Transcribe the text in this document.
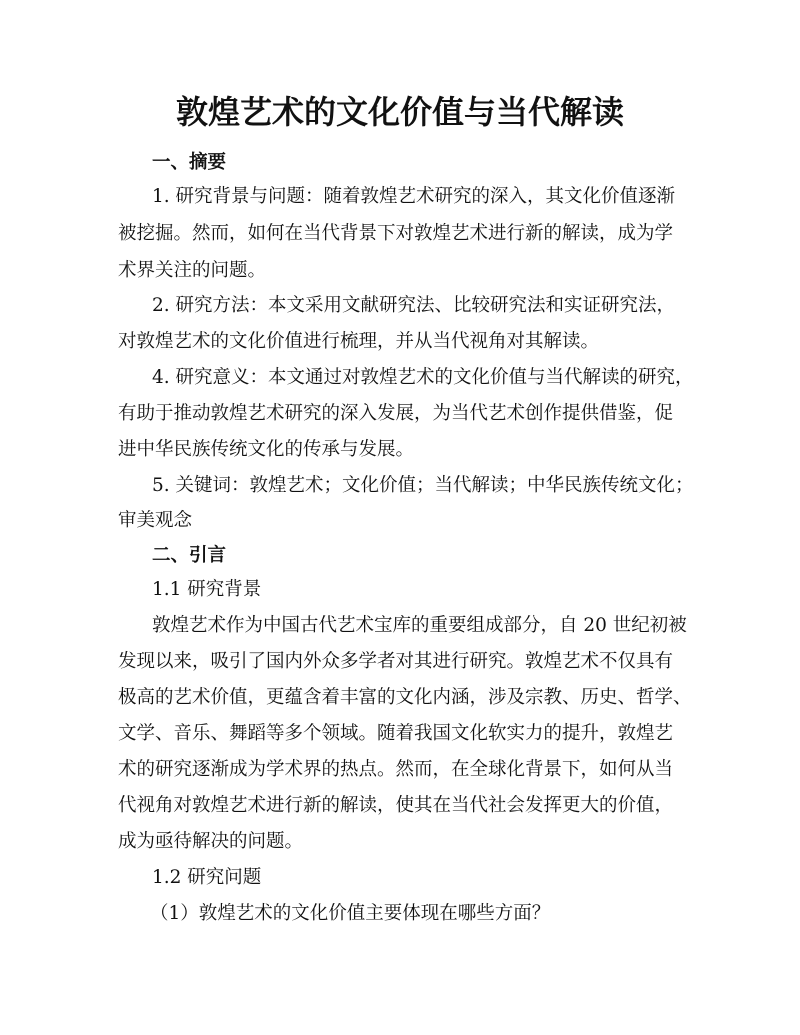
敦煌艺术的文化价值与当代解读
一、摘要
1. 研究背景与问题：随着敦煌艺术研究的深入，其文化价值逐渐
被挖掘。然而，如何在当代背景下对敦煌艺术进行新的解读，成为学
术界关注的问题。
2. 研究方法：本文采用文献研究法、比较研究法和实证研究法，
对敦煌艺术的文化价值进行梳理，并从当代视角对其解读。
4. 研究意义：本文通过对敦煌艺术的文化价值与当代解读的研究，
有助于推动敦煌艺术研究的深入发展，为当代艺术创作提供借鉴，促
进中华民族传统文化的传承与发展。
5. 关键词：敦煌艺术；文化价值；当代解读；中华民族传统文化；
审美观念
二、引言
1.1 研究背景
敦煌艺术作为中国古代艺术宝库的重要组成部分，自 20 世纪初被
发现以来，吸引了国内外众多学者对其进行研究。敦煌艺术不仅具有
极高的艺术价值，更蕴含着丰富的文化内涵，涉及宗教、历史、哲学、
文学、音乐、舞蹈等多个领域。随着我国文化软实力的提升，敦煌艺
术的研究逐渐成为学术界的热点。然而，在全球化背景下，如何从当
代视角对敦煌艺术进行新的解读，使其在当代社会发挥更大的价值，
成为亟待解决的问题。
1.2 研究问题
（1）敦煌艺术的文化价值主要体现在哪些方面？
